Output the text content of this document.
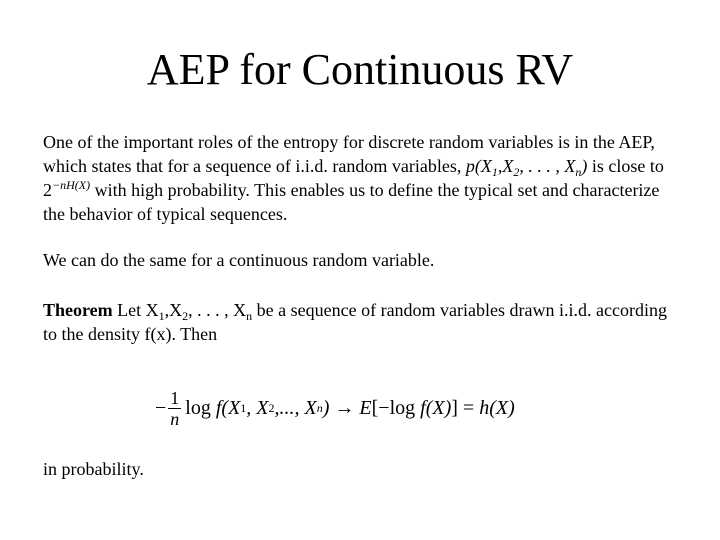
AEP for Continuous RV

One of the important roles of the entropy for discrete random variables is in the AEP, which states that for a sequence of i.i.d. random variables, $p(X_1,X_2$, . . . , $X_n$) is close to $2^{-nH(X)}$ with high probability. This enables us to define the typical set and characterize the behavior of typical sequences.

We can do the same for a continuous random variable.

Theorem Let $X_1,X_2$, . . . , $X_n$ be a sequence of random variables drawn i.i.d. according to the density f(x). Then

− $\frac{1}{n}$ log f (X 1 , X 2 ,..., X n ) → E [−log f (X) ] = h (X)

in probability.
